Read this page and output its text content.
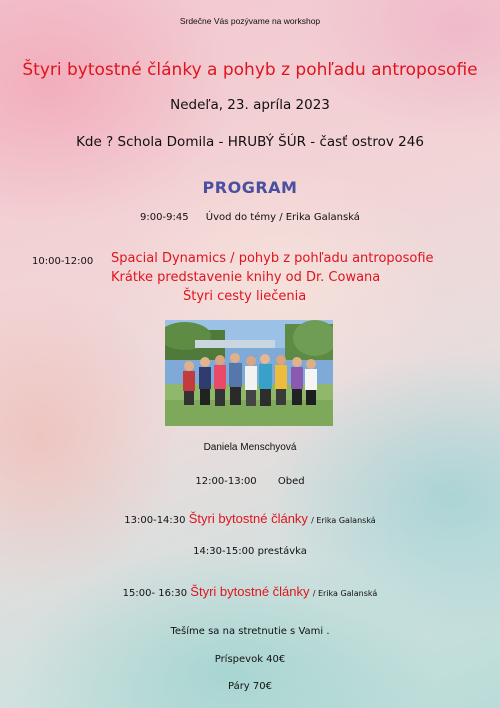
Srdečne Vás pozývame na workshop
Štyri bytostné články a pohyb z pohľadu antroposofie
Nedeľa, 23. apríla 2023
Kde ? Schola Domila - HRUBÝ ŠÚR - časť ostrov 246
PROGRAM
9:00-9:45 Úvod do témy / Erika Galanská
10:00-12:00 Spacial Dynamics / pohyb z pohľadu antroposofie
Krátke predstavenie knihy od Dr. Cowana
Štyri cesty liečenia
Daniela Menschyová
12:00-13:00 Obed
13:00-14:30 Štyri bytostné články / Erika Galanská
14:30-15:00 prestávka
15:00- 16:30 Štyri bytostné články / Erika Galanská
Tešíme sa na stretnutie s Vami .
Príspevok 40€
Páry 70€
